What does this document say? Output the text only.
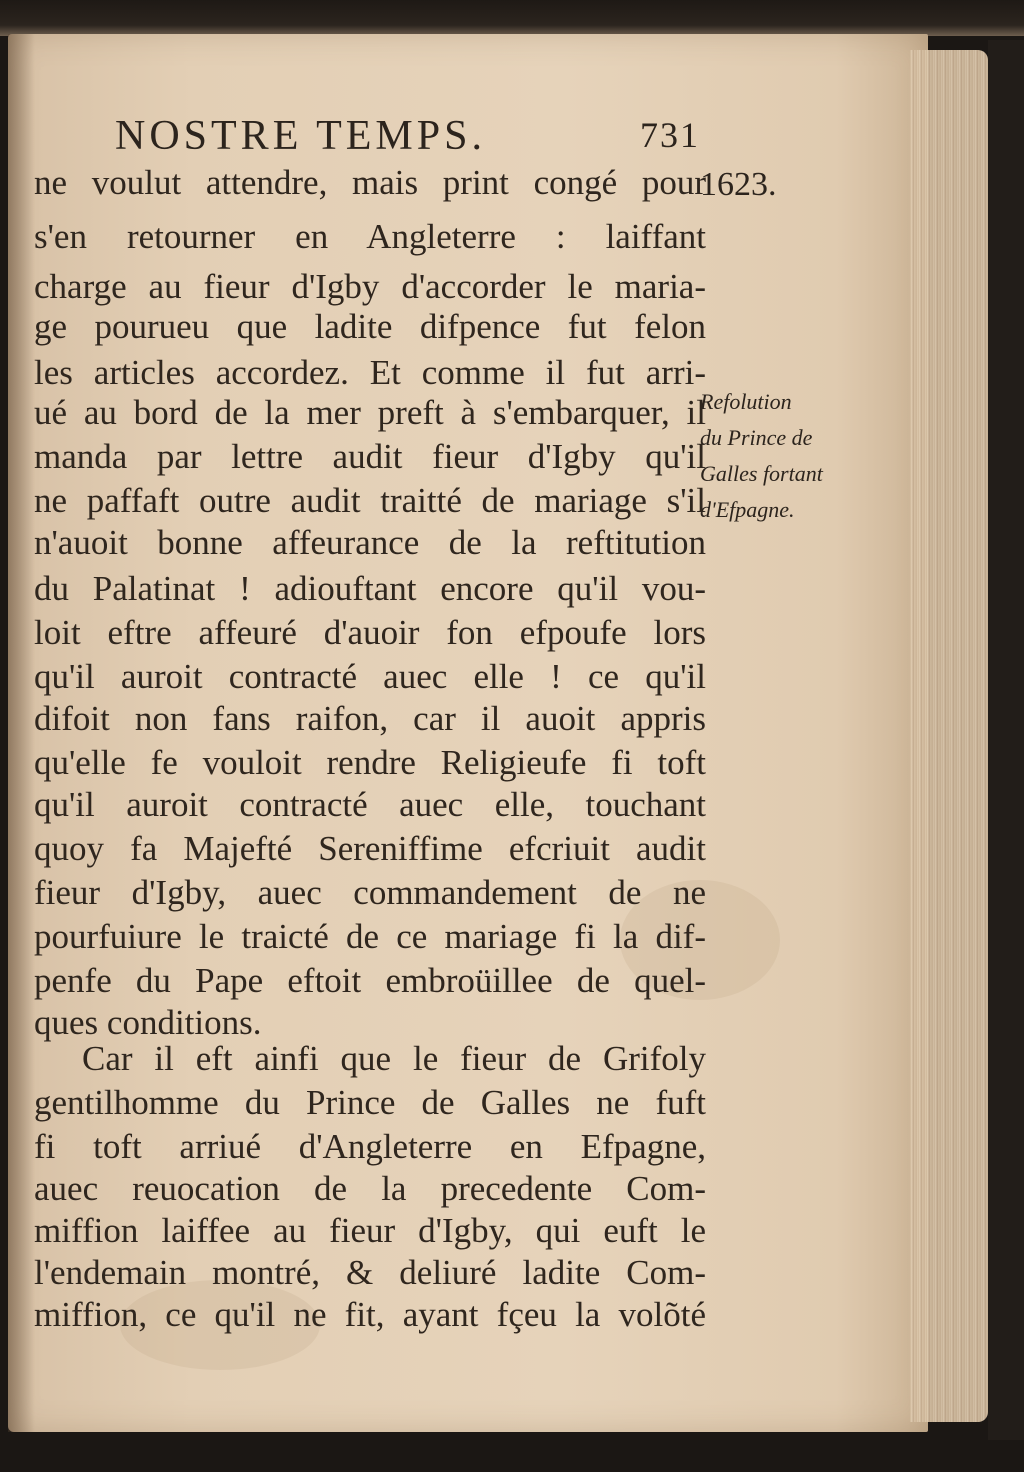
NOSTRE TEMPS.	731
1623.
Refolution
du Prince de
Galles fortant
d'Efpagne.
ne voulut attendre, mais print congé pour
s'en retourner en Angleterre : laiffant
charge au fieur d'Igby d'accorder le maria-
ge pourueu que ladite difpence fut felon
les articles accordez. Et comme il fut arri-
ué au bord de la mer preft à s'embarquer, il
manda par lettre audit fieur d'Igby qu'il
ne paffaft outre audit traitté de mariage s'il
n'auoit bonne affeurance de la reftitution
du Palatinat ! adiouftant encore qu'il vou-
loit eftre affeuré d'auoir fon efpoufe lors
qu'il auroit contracté auec elle ! ce qu'il
difoit non fans raifon, car il auoit appris
qu'elle fe vouloit rendre Religieufe fi toft
qu'il auroit contracté auec elle, touchant
quoy fa Majefté Sereniffime efcriuit audit
fieur d'Igby, auec commandement de ne
pourfuiure le traicté de ce mariage fi la dif-
penfe du Pape eftoit embroüillee de quel-
ques conditions.
Car il eft ainfi que le fieur de Grifoly
gentilhomme du Prince de Galles ne fuft
fi toft arriué d'Angleterre en Efpagne,
auec reuocation de la precedente Com-
miffion laiffee au fieur d'Igby, qui euft le
l'endemain montré, & deliuré ladite Com-
miffion, ce qu'il ne fit, ayant fçeu la volõté
